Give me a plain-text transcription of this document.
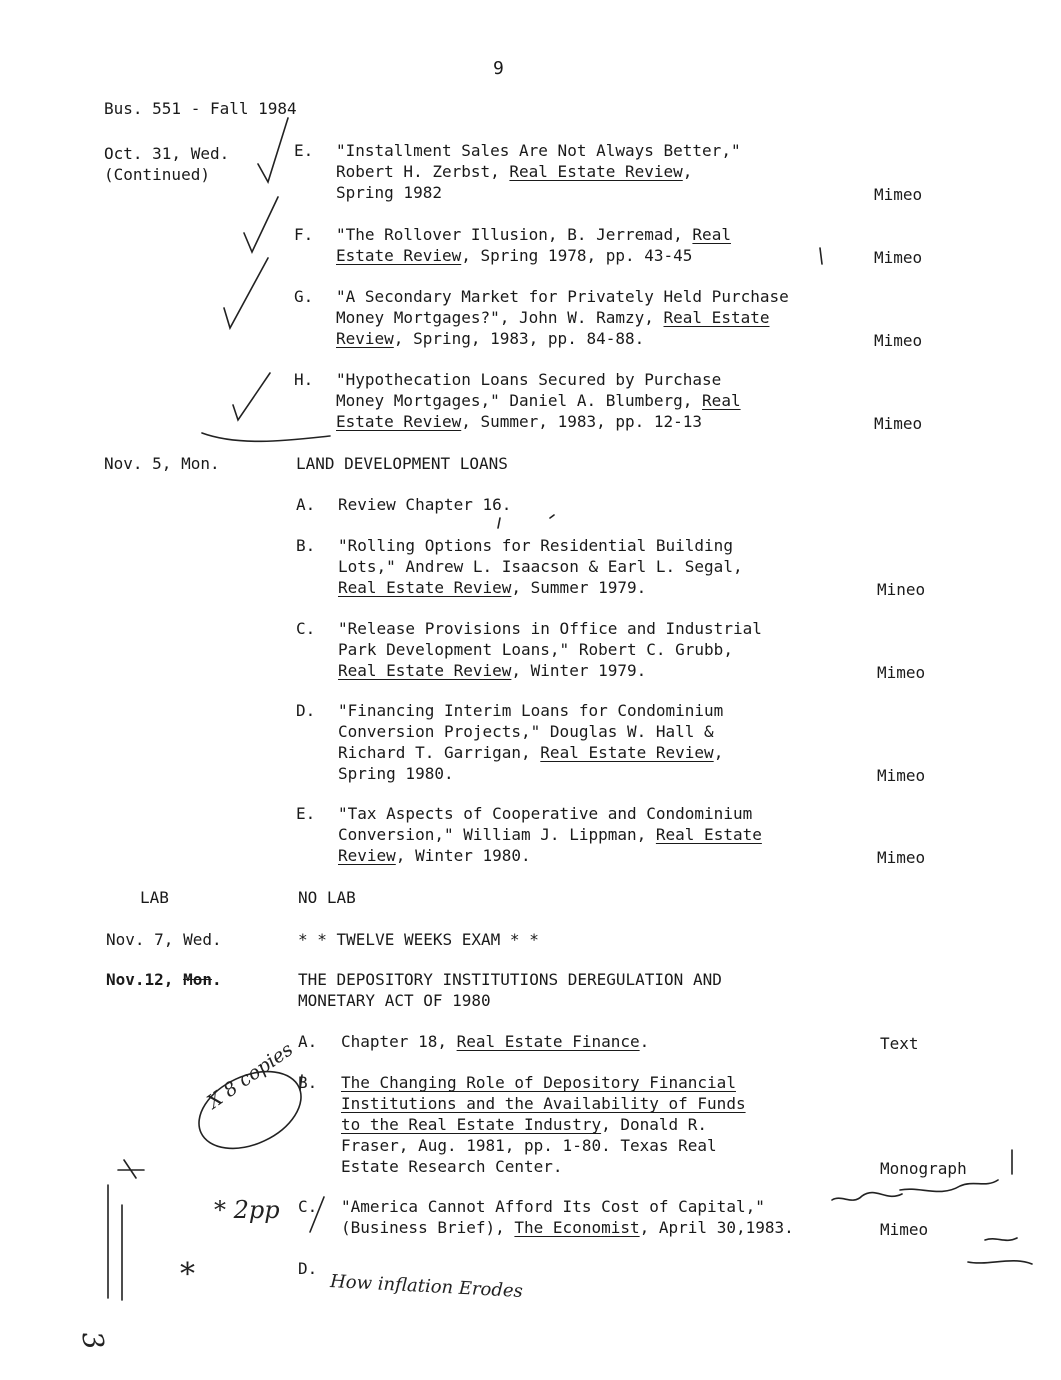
9
Bus. 551 - Fall 1984
Oct. 31, Wed.
(Continued)
E. "Installment Sales Are Not Always Better,"
Robert H. Zerbst, Real Estate Review,
Spring 1982	Mimeo
F. "The Rollover Illusion, B. Jerremad, Real
Estate Review, Spring 1978, pp. 43-45	Mimeo
G. "A Secondary Market for Privately Held Purchase
Money Mortgages?", John W. Ramzy, Real Estate
Review, Spring, 1983, pp. 84-88.	Mimeo
H. "Hypothecation Loans Secured by Purchase
Money Mortgages," Daniel A. Blumberg, Real
Estate Review, Summer, 1983, pp. 12-13	Mimeo
Nov. 5, Mon.	LAND DEVELOPMENT LOANS
A. Review Chapter 16.
B. "Rolling Options for Residential Building
Lots," Andrew L. Isaacson & Earl L. Segal,
Real Estate Review, Summer 1979.	Mineo
C. "Release Provisions in Office and Industrial
Park Development Loans," Robert C. Grubb,
Real Estate Review, Winter 1979.	Mimeo
D. "Financing Interim Loans for Condominium
Conversion Projects," Douglas W. Hall &
Richard T. Garrigan, Real Estate Review,
Spring 1980.	Mimeo
E. "Tax Aspects of Cooperative and Condominium
Conversion," William J. Lippman, Real Estate
Review, Winter 1980.	Mimeo
LAB	NO LAB
Nov. 7, Wed.	* * TWELVE WEEKS EXAM * *
Nov.12, Mon.	THE DEPOSITORY INSTITUTIONS DEREGULATION AND
MONETARY ACT OF 1980
A. Chapter 18, Real Estate Finance.	Text
B. The Changing Role of Depository Financial
Institutions and the Availability of Funds
to the Real Estate Industry, Donald R.
Fraser, Aug. 1981, pp. 1-80. Texas Real
Estate Research Center.	Monograph
C. "America Cannot Afford Its Cost of Capital,"
(Business Brief), The Economist, April 30,1983.	Mimeo
D.
X 8 copies
* 2pp
How inflation Erodes
*
3
